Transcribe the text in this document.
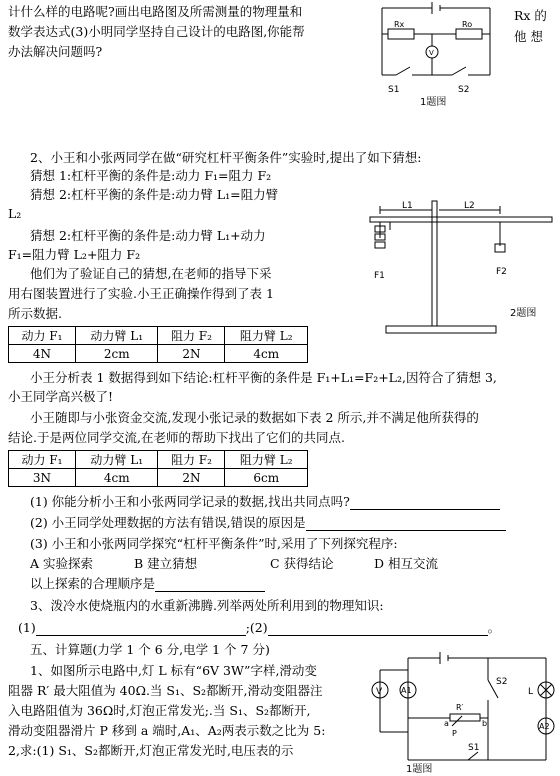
计什么样的电路呢?画出电路图及所需测量的物理量和
数学表达式(3)小明同学坚持自己设计的电路图,你能帮
办法解决问题吗?
Rx 的
他 想
Rx	Ro
V
S1	S2
1题图
2、小王和小张两同学在做“研究杠杆平衡条件”实验时,提出了如下猜想:
猜想 1:杠杆平衡的条件是:动力 F₁=阻力 F₂
猜想 2:杠杆平衡的条件是:动力臂 L₁=阻力臂
L₂
猜想 2:杠杆平衡的条件是:动力臂 L₁+动力
F₁=阻力臂 L₂+阻力 F₂
他们为了验证自己的猜想,在老师的指导下采
用右图装置进行了实验.小王正确操作得到了表 1
所示数据.
L1	L2
F1	F2
2题图
动力 F₁	动力臂 L₁	阻力 F₂	阻力臂 L₂
4N	2cm	2N	4cm
小王分析表 1 数据得到如下结论:杠杆平衡的条件是 F₁+L₁=F₂+L₂,因符合了猜想 3,
小王同学高兴极了!
小王随即与小张资金交流,发现小张记录的数据如下表 2 所示,并不满足他所获得的
结论.于是两位同学交流,在老师的帮助下找出了它们的共同点.
动力 F₁	动力臂 L₁	阻力 F₂	阻力臂 L₂
3N	4cm	2N	6cm
(1) 你能分析小王和小张两同学记录的数据,找出共同点吗?
(2) 小王同学处理数据的方法有错误,错误的原因是
(3) 小王和小张两同学探究“杠杆平衡条件”时,采用了下列探究程序:
A 实验探索	B 建立猜想	C 获得结论	D 相互交流
以上探索的合理顺序是
3、泼冷水使烧瓶内的水重新沸腾.列举两处所利用到的物理知识:
(1)	;(2)	。
五、计算题(力学 1 个 6 分,电学 1 个 7 分)
1、如图所示电路中,灯 L 标有“6V 3W”字样,滑动变
阻器 R′ 最大阻值为 40Ω.当 S₁、S₂都断开,滑动变阻器注
入电路阻值为 36Ω时,灯泡正常发光;.当 S₁、S₂都断开,
滑动变阻器滑片 P 移到 a 端时,A₁、A₂两表示数之比为 5:
2,求:(1) S₁、S₂都断开,灯泡正常发光时,电压表的示
V A1
A2
S2
L
R′
a	b
P
S1
1题图
